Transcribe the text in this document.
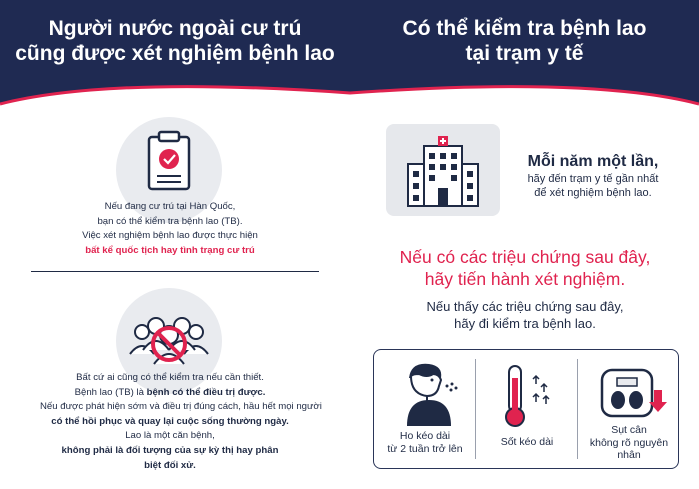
Người nước ngoài cư trú
cũng được xét nghiệm bệnh lao
Có thể kiểm tra bệnh lao
tại trạm y tế
Nếu đang cư trú tại Hàn Quốc,
bạn có thể kiểm tra bệnh lao (TB).
Việc xét nghiệm bệnh lao được thực hiện
bất kể quốc tịch hay tình trạng cư trú
Bất cứ ai cũng có thể kiểm tra nếu cần thiết.
Bệnh lao (TB) là bệnh có thể điều trị được.
Nếu được phát hiện sớm và điều trị đúng cách, hầu hết mọi người
có thể hồi phục và quay lại cuộc sống thường ngày.
Lao là một căn bệnh,
không phải là đối tượng của sự kỳ thị hay phân
biệt đối xử.
Mỗi năm một lần,
hãy đến trạm y tế gần nhất
để xét nghiệm bệnh lao.
Nếu có các triệu chứng sau đây,
hãy tiến hành xét nghiệm.
Nếu thấy các triệu chứng sau đây,
hãy đi kiểm tra bệnh lao.
Ho kéo dài
từ 2 tuần trở lên
Sốt kéo dài
Sụt cân
không rõ nguyên
nhân
